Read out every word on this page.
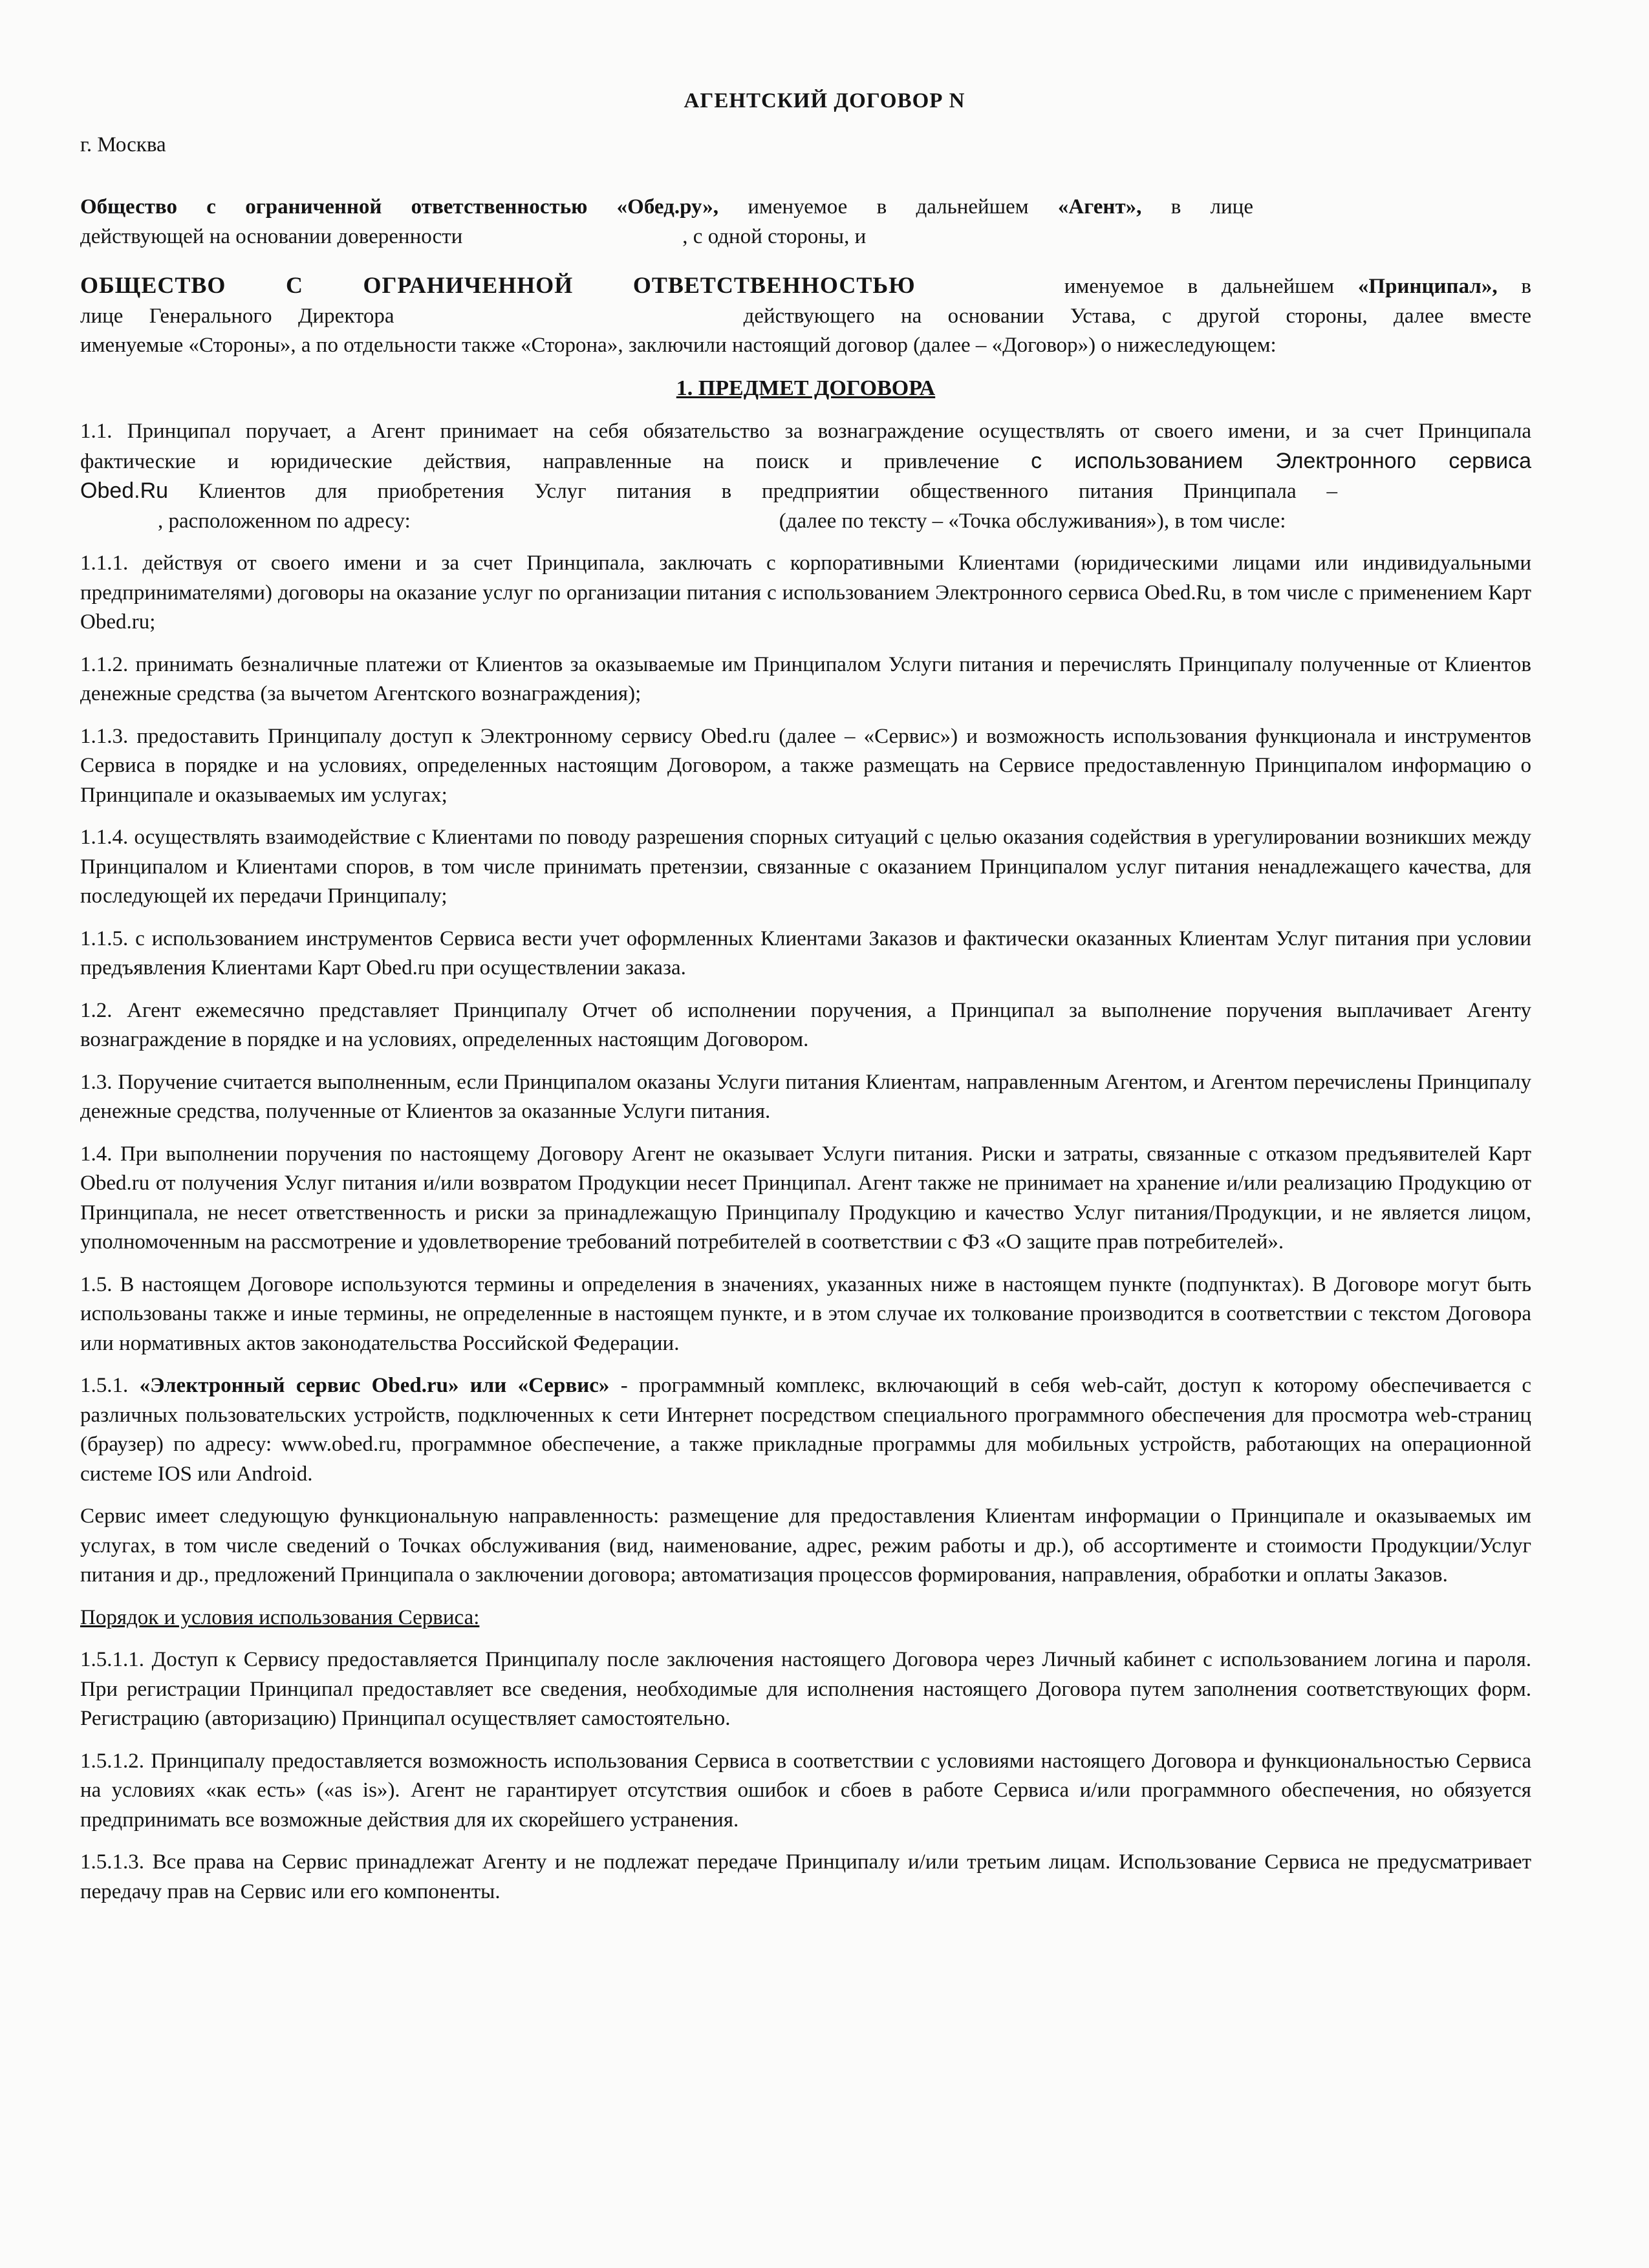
АГЕНТСКИЙ ДОГОВОР N
г. Москва

Общество с ограниченной ответственностью «Обед.ру», именуемое в дальнейшем «Агент», в лице
действующей на основании доверенности	, с одной стороны, и

ОБЩЕСТВО С ОГРАНИЧЕННОЙ ОТВЕТСТВЕННОСТЬЮ	именуемое в дальнейшем «Принципал», в
лице Генерального Директора	действующего на основании Устава, с другой стороны, далее вместе
именуемые «Стороны», а по отдельности также «Сторона», заключили настоящий договор (далее – «Договор») о нижеследующем:

1. ПРЕДМЕТ ДОГОВОРА

1.1. Принципал поручает, а Агент принимает на себя обязательство за вознаграждение осуществлять от своего имени, и за счет Принципала
фактические и юридические действия, направленные на поиск и привлечение с использованием Электронного сервиса
Obed.Ru Клиентов для приобретения Услуг питания в предприятии общественного питания Принципала –
, расположенном по адресу:	(далее по тексту – «Точка обслуживания»), в том числе:

1.1.1. действуя от своего имени и за счет Принципала, заключать с корпоративными Клиентами (юридическими лицами или индивидуальными предпринимателями) договоры на оказание услуг по организации питания с использованием Электронного сервиса Obed.Ru, в том числе с применением Карт Obed.ru;

1.1.2. принимать безналичные платежи от Клиентов за оказываемые им Принципалом Услуги питания и перечислять Принципалу полученные от Клиентов денежные средства (за вычетом Агентского вознаграждения);

1.1.3. предоставить Принципалу доступ к Электронному сервису Obed.ru (далее – «Сервис») и возможность использования функционала и инструментов Сервиса в порядке и на условиях, определенных настоящим Договором, а также размещать на Сервисе предоставленную Принципалом информацию о Принципале и оказываемых им услугах;

1.1.4. осуществлять взаимодействие с Клиентами по поводу разрешения спорных ситуаций с целью оказания содействия в урегулировании возникших между Принципалом и Клиентами споров, в том числе принимать претензии, связанные с оказанием Принципалом услуг питания ненадлежащего качества, для последующей их передачи Принципалу;

1.1.5. с использованием инструментов Сервиса вести учет оформленных Клиентами Заказов и фактически оказанных Клиентам Услуг питания при условии предъявления Клиентами Карт Obed.ru при осуществлении заказа.

1.2. Агент ежемесячно представляет Принципалу Отчет об исполнении поручения, а Принципал за выполнение поручения выплачивает Агенту вознаграждение в порядке и на условиях, определенных настоящим Договором.

1.3. Поручение считается выполненным, если Принципалом оказаны Услуги питания Клиентам, направленным Агентом, и Агентом перечислены Принципалу денежные средства, полученные от Клиентов за оказанные Услуги питания.

1.4. При выполнении поручения по настоящему Договору Агент не оказывает Услуги питания. Риски и затраты, связанные с отказом предъявителей Карт Obed.ru от получения Услуг питания и/или возвратом Продукции несет Принципал. Агент также не принимает на хранение и/или реализацию Продукцию от Принципала, не несет ответственность и риски за принадлежащую Принципалу Продукцию и качество Услуг питания/Продукции, и не является лицом, уполномоченным на рассмотрение и удовлетворение требований потребителей в соответствии с ФЗ «О защите прав потребителей».

1.5. В настоящем Договоре используются термины и определения в значениях, указанных ниже в настоящем пункте (подпунктах). В Договоре могут быть использованы также и иные термины, не определенные в настоящем пункте, и в этом случае их толкование производится в соответствии с текстом Договора или нормативных актов законодательства Российской Федерации.

1.5.1. «Электронный сервис Obed.ru» или «Сервис» - программный комплекс, включающий в себя web-сайт, доступ к которому обеспечивается с различных пользовательских устройств, подключенных к сети Интернет посредством специального программного обеспечения для просмотра web-страниц (браузер) по адресу: www.obed.ru, программное обеспечение, а также прикладные программы для мобильных устройств, работающих на операционной системе IOS или Android.

Сервис имеет следующую функциональную направленность: размещение для предоставления Клиентам информации о Принципале и оказываемых им услугах, в том числе сведений о Точках обслуживания (вид, наименование, адрес, режим работы и др.), об ассортименте и стоимости Продукции/Услуг питания и др., предложений Принципала о заключении договора; автоматизация процессов формирования, направления, обработки и оплаты Заказов.

Порядок и условия использования Сервиса:

1.5.1.1. Доступ к Сервису предоставляется Принципалу после заключения настоящего Договора через Личный кабинет с использованием логина и пароля. При регистрации Принципал предоставляет все сведения, необходимые для исполнения настоящего Договора путем заполнения соответствующих форм. Регистрацию (авторизацию) Принципал осуществляет самостоятельно.

1.5.1.2. Принципалу предоставляется возможность использования Сервиса в соответствии с условиями настоящего Договора и функциональностью Сервиса на условиях «как есть» («as is»). Агент не гарантирует отсутствия ошибок и сбоев в работе Сервиса и/или программного обеспечения, но обязуется предпринимать все возможные действия для их скорейшего устранения.

1.5.1.3. Все права на Сервис принадлежат Агенту и не подлежат передаче Принципалу и/или третьим лицам. Использование Сервиса не предусматривает передачу прав на Сервис или его компоненты.
